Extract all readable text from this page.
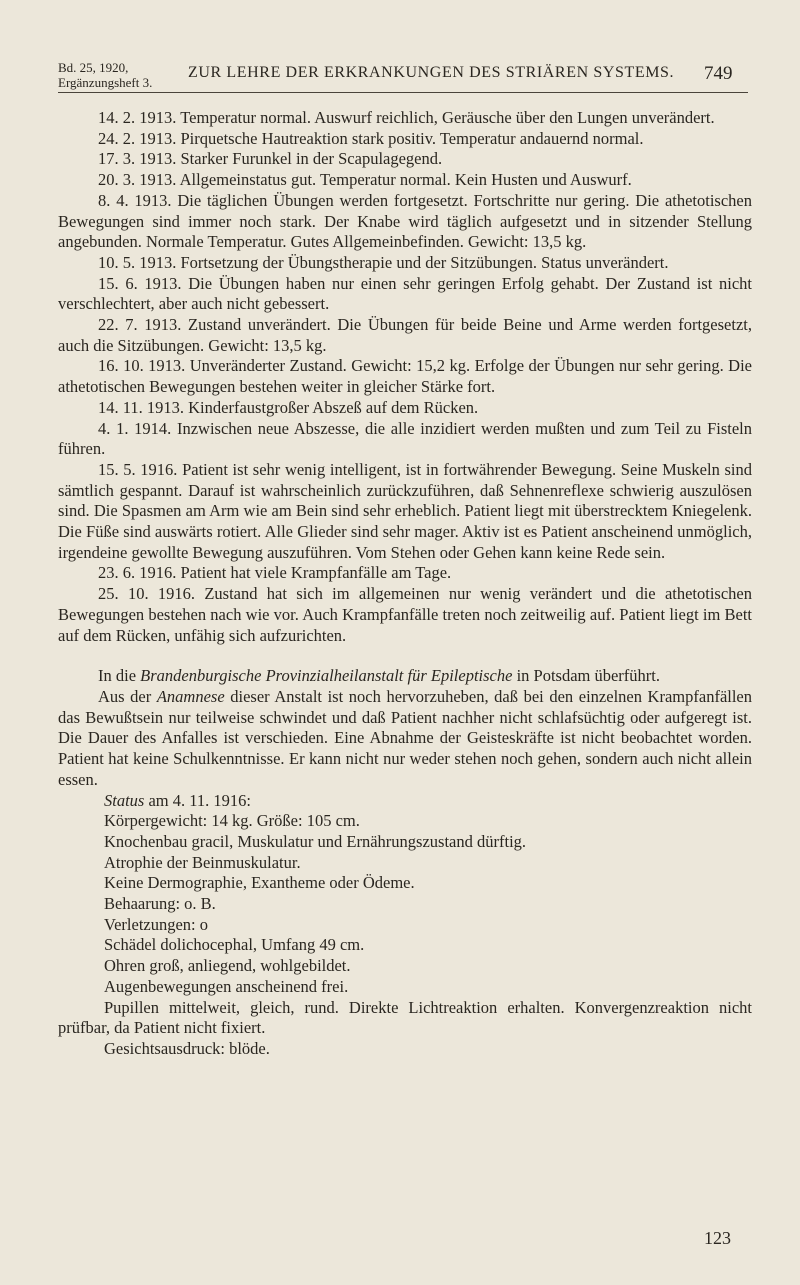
Bd. 25, 1920,
Ergänzungsheft 3.
ZUR LEHRE DER ERKRANKUNGEN DES STRIÄREN SYSTEMS. 749

14. 2. 1913. Temperatur normal. Auswurf reichlich, Geräusche über den Lungen unverändert.

24. 2. 1913. Pirquetsche Hautreaktion stark positiv. Temperatur andauernd normal.

17. 3. 1913. Starker Furunkel in der Scapulagegend.

20. 3. 1913. Allgemeinstatus gut. Temperatur normal. Kein Husten und Auswurf.

8. 4. 1913. Die täglichen Übungen werden fortgesetzt. Fortschritte nur gering. Die athetotischen Bewegungen sind immer noch stark. Der Knabe wird täglich aufgesetzt und in sitzender Stellung angebunden. Normale Temperatur. Gutes Allgemeinbefinden. Gewicht: 13,5 kg.

10. 5. 1913. Fortsetzung der Übungstherapie und der Sitzübungen. Status unverändert.

15. 6. 1913. Die Übungen haben nur einen sehr geringen Erfolg gehabt. Der Zustand ist nicht verschlechtert, aber auch nicht gebessert.

22. 7. 1913. Zustand unverändert. Die Übungen für beide Beine und Arme werden fortgesetzt, auch die Sitzübungen. Gewicht: 13,5 kg.

16. 10. 1913. Unveränderter Zustand. Gewicht: 15,2 kg. Erfolge der Übungen nur sehr gering. Die athetotischen Bewegungen bestehen weiter in gleicher Stärke fort.

14. 11. 1913. Kinderfaustgroßer Abszeß auf dem Rücken.

4. 1. 1914. Inzwischen neue Abszesse, die alle inzidiert werden mußten und zum Teil zu Fisteln führen.

15. 5. 1916. Patient ist sehr wenig intelligent, ist in fortwährender Bewegung. Seine Muskeln sind sämtlich gespannt. Darauf ist wahrscheinlich zurückzuführen, daß Sehnenreflexe schwierig auszulösen sind. Die Spasmen am Arm wie am Bein sind sehr erheblich. Patient liegt mit überstrecktem Kniegelenk. Die Füße sind auswärts rotiert. Alle Glieder sind sehr mager. Aktiv ist es Patient anscheinend unmöglich, irgendeine gewollte Bewegung auszuführen. Vom Stehen oder Gehen kann keine Rede sein.

23. 6. 1916. Patient hat viele Krampfanfälle am Tage.

25. 10. 1916. Zustand hat sich im allgemeinen nur wenig verändert und die athetotischen Bewegungen bestehen nach wie vor. Auch Krampfanfälle treten noch zeitweilig auf. Patient liegt im Bett auf dem Rücken, unfähig sich aufzurichten.

In die Brandenburgische Provinzialheilanstalt für Epileptische in Potsdam überführt.

Aus der Anamnese dieser Anstalt ist noch hervorzuheben, daß bei den einzelnen Krampfanfällen das Bewußtsein nur teilweise schwindet und daß Patient nachher nicht schlafsüchtig oder aufgeregt ist. Die Dauer des Anfalles ist verschieden. Eine Abnahme der Geisteskräfte ist nicht beobachtet worden. Patient hat keine Schulkenntnisse. Er kann nicht nur weder stehen noch gehen, sondern auch nicht allein essen.

Status am 4. 11. 1916:

Körpergewicht: 14 kg. Größe: 105 cm.

Knochenbau gracil, Muskulatur und Ernährungszustand dürftig.

Atrophie der Beinmuskulatur.

Keine Dermographie, Exantheme oder Ödeme.

Behaarung: o. B.

Verletzungen: o

Schädel dolichocephal, Umfang 49 cm.

Ohren groß, anliegend, wohlgebildet.

Augenbewegungen anscheinend frei.

Pupillen mittelweit, gleich, rund. Direkte Lichtreaktion erhalten. Konvergenzreaktion nicht prüfbar, da Patient nicht fixiert.

Gesichtsausdruck: blöde.

123
